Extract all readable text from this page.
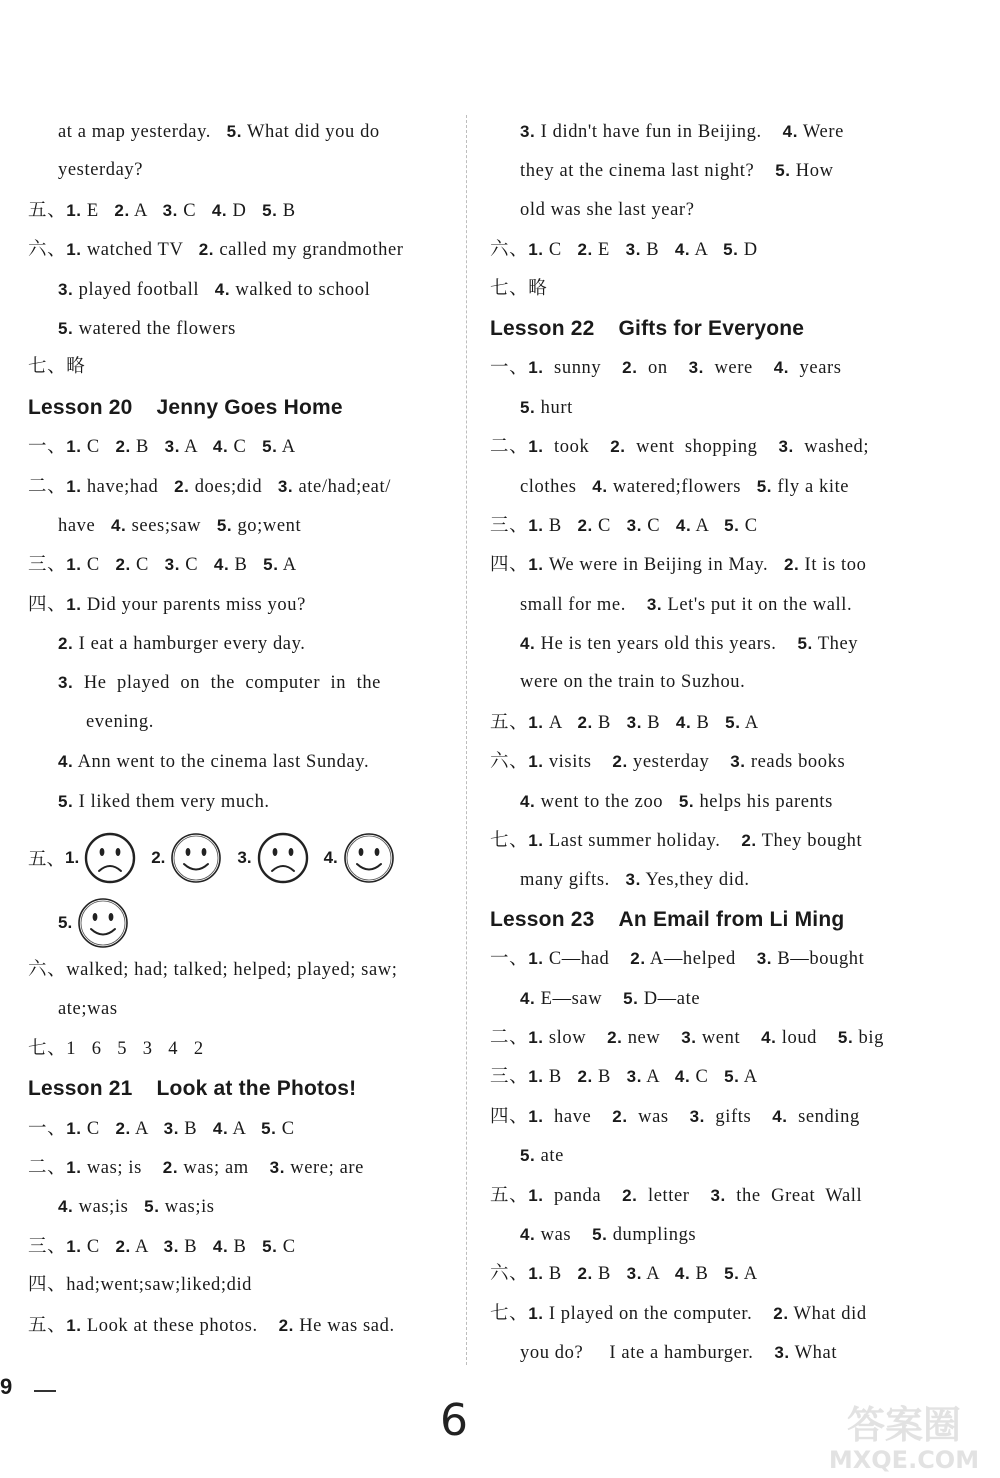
at a map yesterday.   5. What did you do
yesterday?
五、1. E   2. A   3. C   4. D   5. B
六、1. watched TV   2. called my grandmother
3. played football   4. walked to school
5. watered the flowers
七、略
Lesson 20 Jenny Goes Home
一、1. C   2. B   3. A   4. C   5. A
二、1. have;had   2. does;did   3. ate/had;eat/
have   4. sees;saw   5. go;went
三、1. C   2. C   3. C   4. B   5. A
四、1. Did your parents miss you?
2. I eat a hamburger every day.
3.  He  played  on  the  computer  in  the
evening.
4. Ann went to the cinema last Sunday.
5. I liked them very much.
五、 1.	2.	3.	4.
5.
六、walked; had; talked; helped; played; saw;
ate;was
七、1   6   5   3   4   2
Lesson 21 Look at the Photos!
一、1. C   2. A   3. B   4. A   5. C
二、1. was; is    2. was; am    3. were; are
4. was;is   5. was;is
三、1. C   2. A   3. B   4. B   5. C
四、had;went;saw;liked;did
五、1. Look at these photos.    2. He was sad.
3. I didn't have fun in Beijing.    4. Were
they at the cinema last night?    5. How
old was she last year?
六、1. C   2. E   3. B   4. A   5. D
七、略
Lesson 22 Gifts for Everyone
一、1.  sunny    2.  on    3.  were    4.  years
5. hurt
二、1.  took    2.  went  shopping    3.  washed;
clothes   4. watered;flowers   5. fly a kite
三、1. B   2. C   3. C   4. A   5. C
四、1. We were in Beijing in May.   2. It is too
small for me.    3. Let's put it on the wall.
4. He is ten years old this years.    5. They
were on the train to Suzhou.
五、1. A   2. B   3. B   4. B   5. A
六、1. visits    2. yesterday    3. reads books
4. went to the zoo   5. helps his parents
七、1. Last summer holiday.    2. They bought
many gifts.   3. Yes,they did.
Lesson 23 An Email from Li Ming
一、1. C—had    2. A—helped    3. B—bought
4. E—saw    5. D—ate
二、1. slow    2. new    3. went    4. loud    5. big
三、1. B   2. B   3. A   4. C   5. A
四、1.  have    2.  was    3.  gifts    4.  sending
5. ate
五、1.  panda    2.  letter    3.  the  Great  Wall
4. was    5. dumplings
六、1. B   2. B   3. A   4. B   5. A
七、1. I played on the computer.    2. What did
you do?     I ate a hamburger.    3. What
9
6	答案圈
MXQE.COM
